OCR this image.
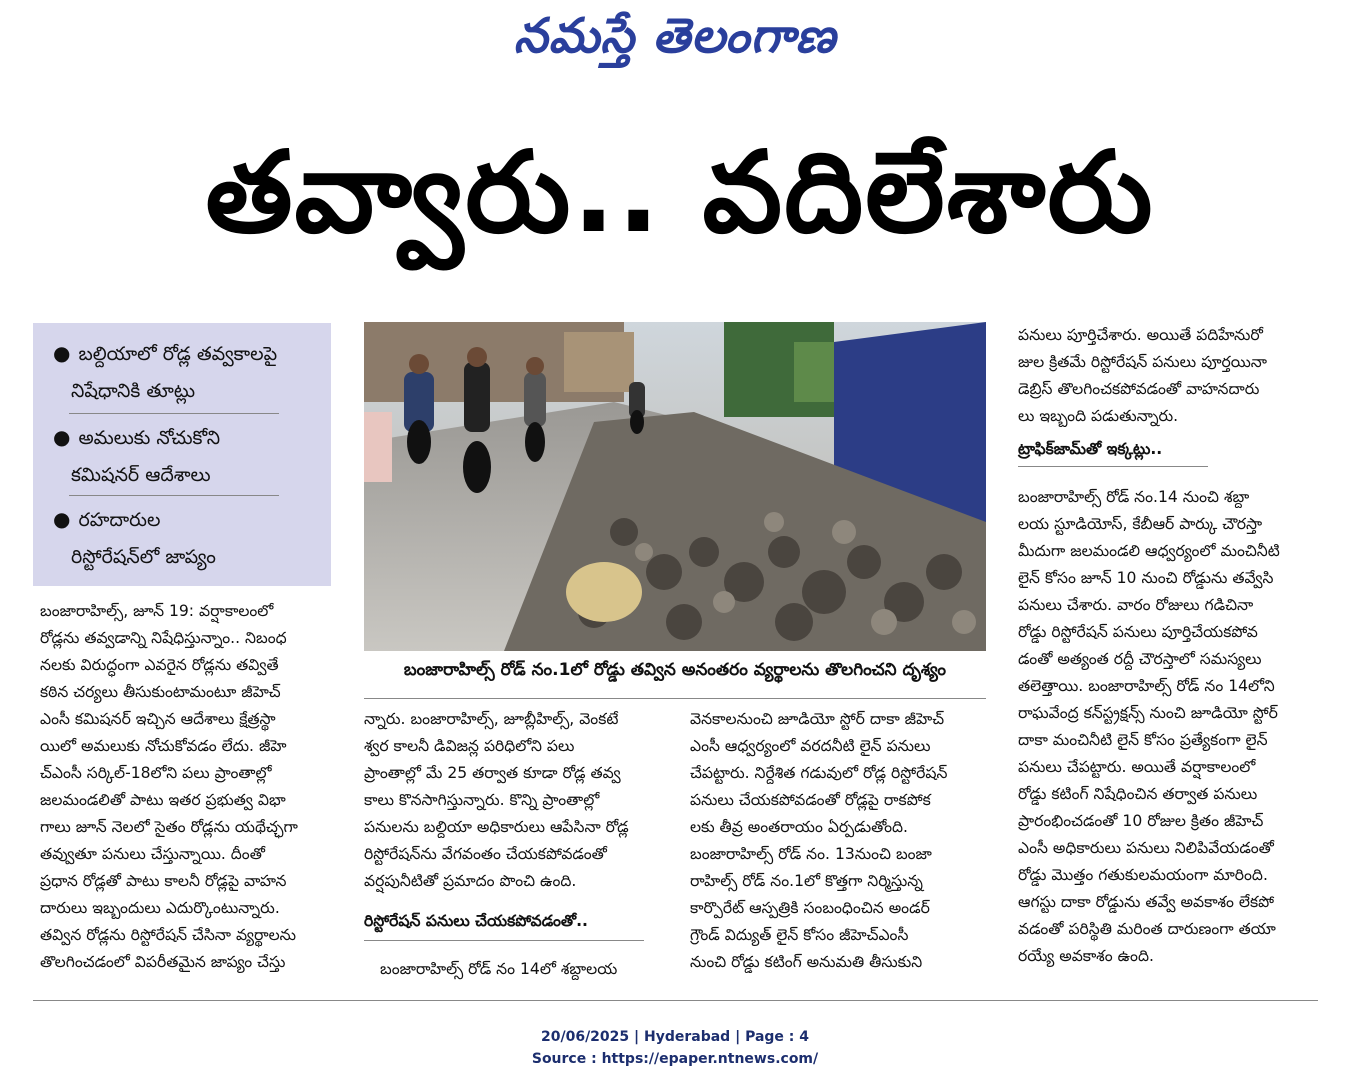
నమస్తే తెలంగాణ
తవ్వారు.. వదిలేశారు
● బల్దియాలో రోడ్ల తవ్వకాలపై
నిషేధానికి తూట్లు
● అమలుకు నోచుకోని
కమిషనర్ ఆదేశాలు
● రహదారుల
రిస్టోరేషన్‌లో జాప్యం
బంజారాహిల్స్ రోడ్ నం.1లో రోడ్డు తవ్విన అనంతరం వ్యర్థాలను తొలగించని దృశ్యం

బంజారాహిల్స్, జూన్ 19: వర్షాకాలంలో

రోడ్లను తవ్వడాన్ని నిషేధిస్తున్నాం.. నిబంధ

నలకు విరుద్ధంగా ఎవరైన రోడ్లను తవ్వితే

కఠిన చర్యలు తీసుకుంటామంటూ జీహెచ్

ఎంసీ కమిషనర్ ఇచ్చిన ఆదేశాలు క్షేత్రస్థా

యిలో అమలుకు నోచుకోవడం లేదు. జీహె

చ్ఎంసీ సర్కిల్-18లోని పలు ప్రాంతాల్లో

జలమండలితో పాటు ఇతర ప్రభుత్వ విభా

గాలు జూన్ నెలలో సైతం రోడ్లను యథేచ్ఛగా

తవ్వుతూ పనులు చేస్తున్నాయి. దీంతో

ప్రధాన రోడ్లతో పాటు కాలనీ రోడ్లపై వాహన

దారులు ఇబ్బందులు ఎదుర్కొంటున్నారు.

తవ్విన రోడ్లను రిస్టోరేషన్ చేసినా వ్యర్థాలను

తొలగించడంలో విపరీతమైన జాప్యం చేస్తు

న్నారు. బంజారాహిల్స్, జూబ్లీహిల్స్, వెంకటే

శ్వర కాలనీ డివిజన్ల పరిధిలోని పలు

ప్రాంతాల్లో మే 25 తర్వాత కూడా రోడ్ల తవ్వ

కాలు కొనసాగిస్తున్నారు. కొన్ని ప్రాంతాల్లో

పనులను బల్దియా అధికారులు ఆపేసినా రోడ్ల

రిస్టోరేషన్‌ను వేగవంతం చేయకపోవడంతో

వర్షపునీటితో ప్రమాదం పొంచి ఉంది.

రిస్టోరేషన్ పనులు చేయకపోవడంతో..

బంజారాహిల్స్ రోడ్ నం 14లో శబ్దాలయ

వెనకాలనుంచి జూడియో స్టోర్ దాకా జీహెచ్

ఎంసీ ఆధ్వర్యంలో వరదనీటి లైన్ పనులు

చేపట్టారు. నిర్దేశిత గడువులో రోడ్ల రిస్టోరేషన్

పనులు చేయకపోవడంతో రోడ్లపై రాకపోక

లకు తీవ్ర అంతరాయం ఏర్పడుతోంది.

బంజారాహిల్స్ రోడ్ నం. 13నుంచి బంజా

రాహిల్స్ రోడ్ నం.1లో కొత్తగా నిర్మిస్తున్న

కార్పొరేట్ ఆస్పత్రికి సంబంధించిన అండర్

గ్రౌండ్ విద్యుత్ లైన్ కోసం జీహెచ్ఎంసీ

నుంచి రోడ్డు కటింగ్ అనుమతి తీసుకుని

పనులు పూర్తిచేశారు. అయితే పదిహేనురో

జుల క్రితమే రిస్టోరేషన్ పనులు పూర్తయినా

డెబ్రిస్ తొలగించకపోవడంతో వాహనదారు

లు ఇబ్బంది పడుతున్నారు.

ట్రాఫిక్‌జామ్‌తో ఇక్కట్లు..

బంజారాహిల్స్ రోడ్ నం.14 నుంచి శబ్దా

లయ స్టూడియోస్, కేబీఆర్ పార్కు చౌరస్తా

మీదుగా జలమండలి ఆధ్వర్యంలో మంచినీటి

లైన్ కోసం జూన్ 10 నుంచి రోడ్డును తవ్వేసి

పనులు చేశారు. వారం రోజులు గడిచినా

రోడ్డు రిస్టోరేషన్ పనులు పూర్తిచేయకపోవ

డంతో అత్యంత రద్దీ చౌరస్తాలో సమస్యలు

తలెత్తాయి. బంజారాహిల్స్ రోడ్ నం 14లోని

రాఘవేంద్ర కన్‌స్ట్రక్షన్స్ నుంచి జూడియో స్టోర్

దాకా మంచినీటి లైన్ కోసం ప్రత్యేకంగా లైన్

పనులు చేపట్టారు. అయితే వర్షాకాలంలో

రోడ్డు కటింగ్ నిషేధించిన తర్వాత పనులు

ప్రారంభించడంతో 10 రోజుల క్రితం జీహెచ్

ఎంసీ అధికారులు పనులు నిలిపివేయడంతో

రోడ్డు మొత్తం గతుకులమయంగా మారింది.

ఆగస్టు దాకా రోడ్డును తవ్వే అవకాశం లేకపో

వడంతో పరిస్థితి మరింత దారుణంగా తయా

రయ్యే అవకాశం ఉంది.

20/06/2025 | Hyderabad | Page : 4
Source : https://epaper.ntnews.com/
